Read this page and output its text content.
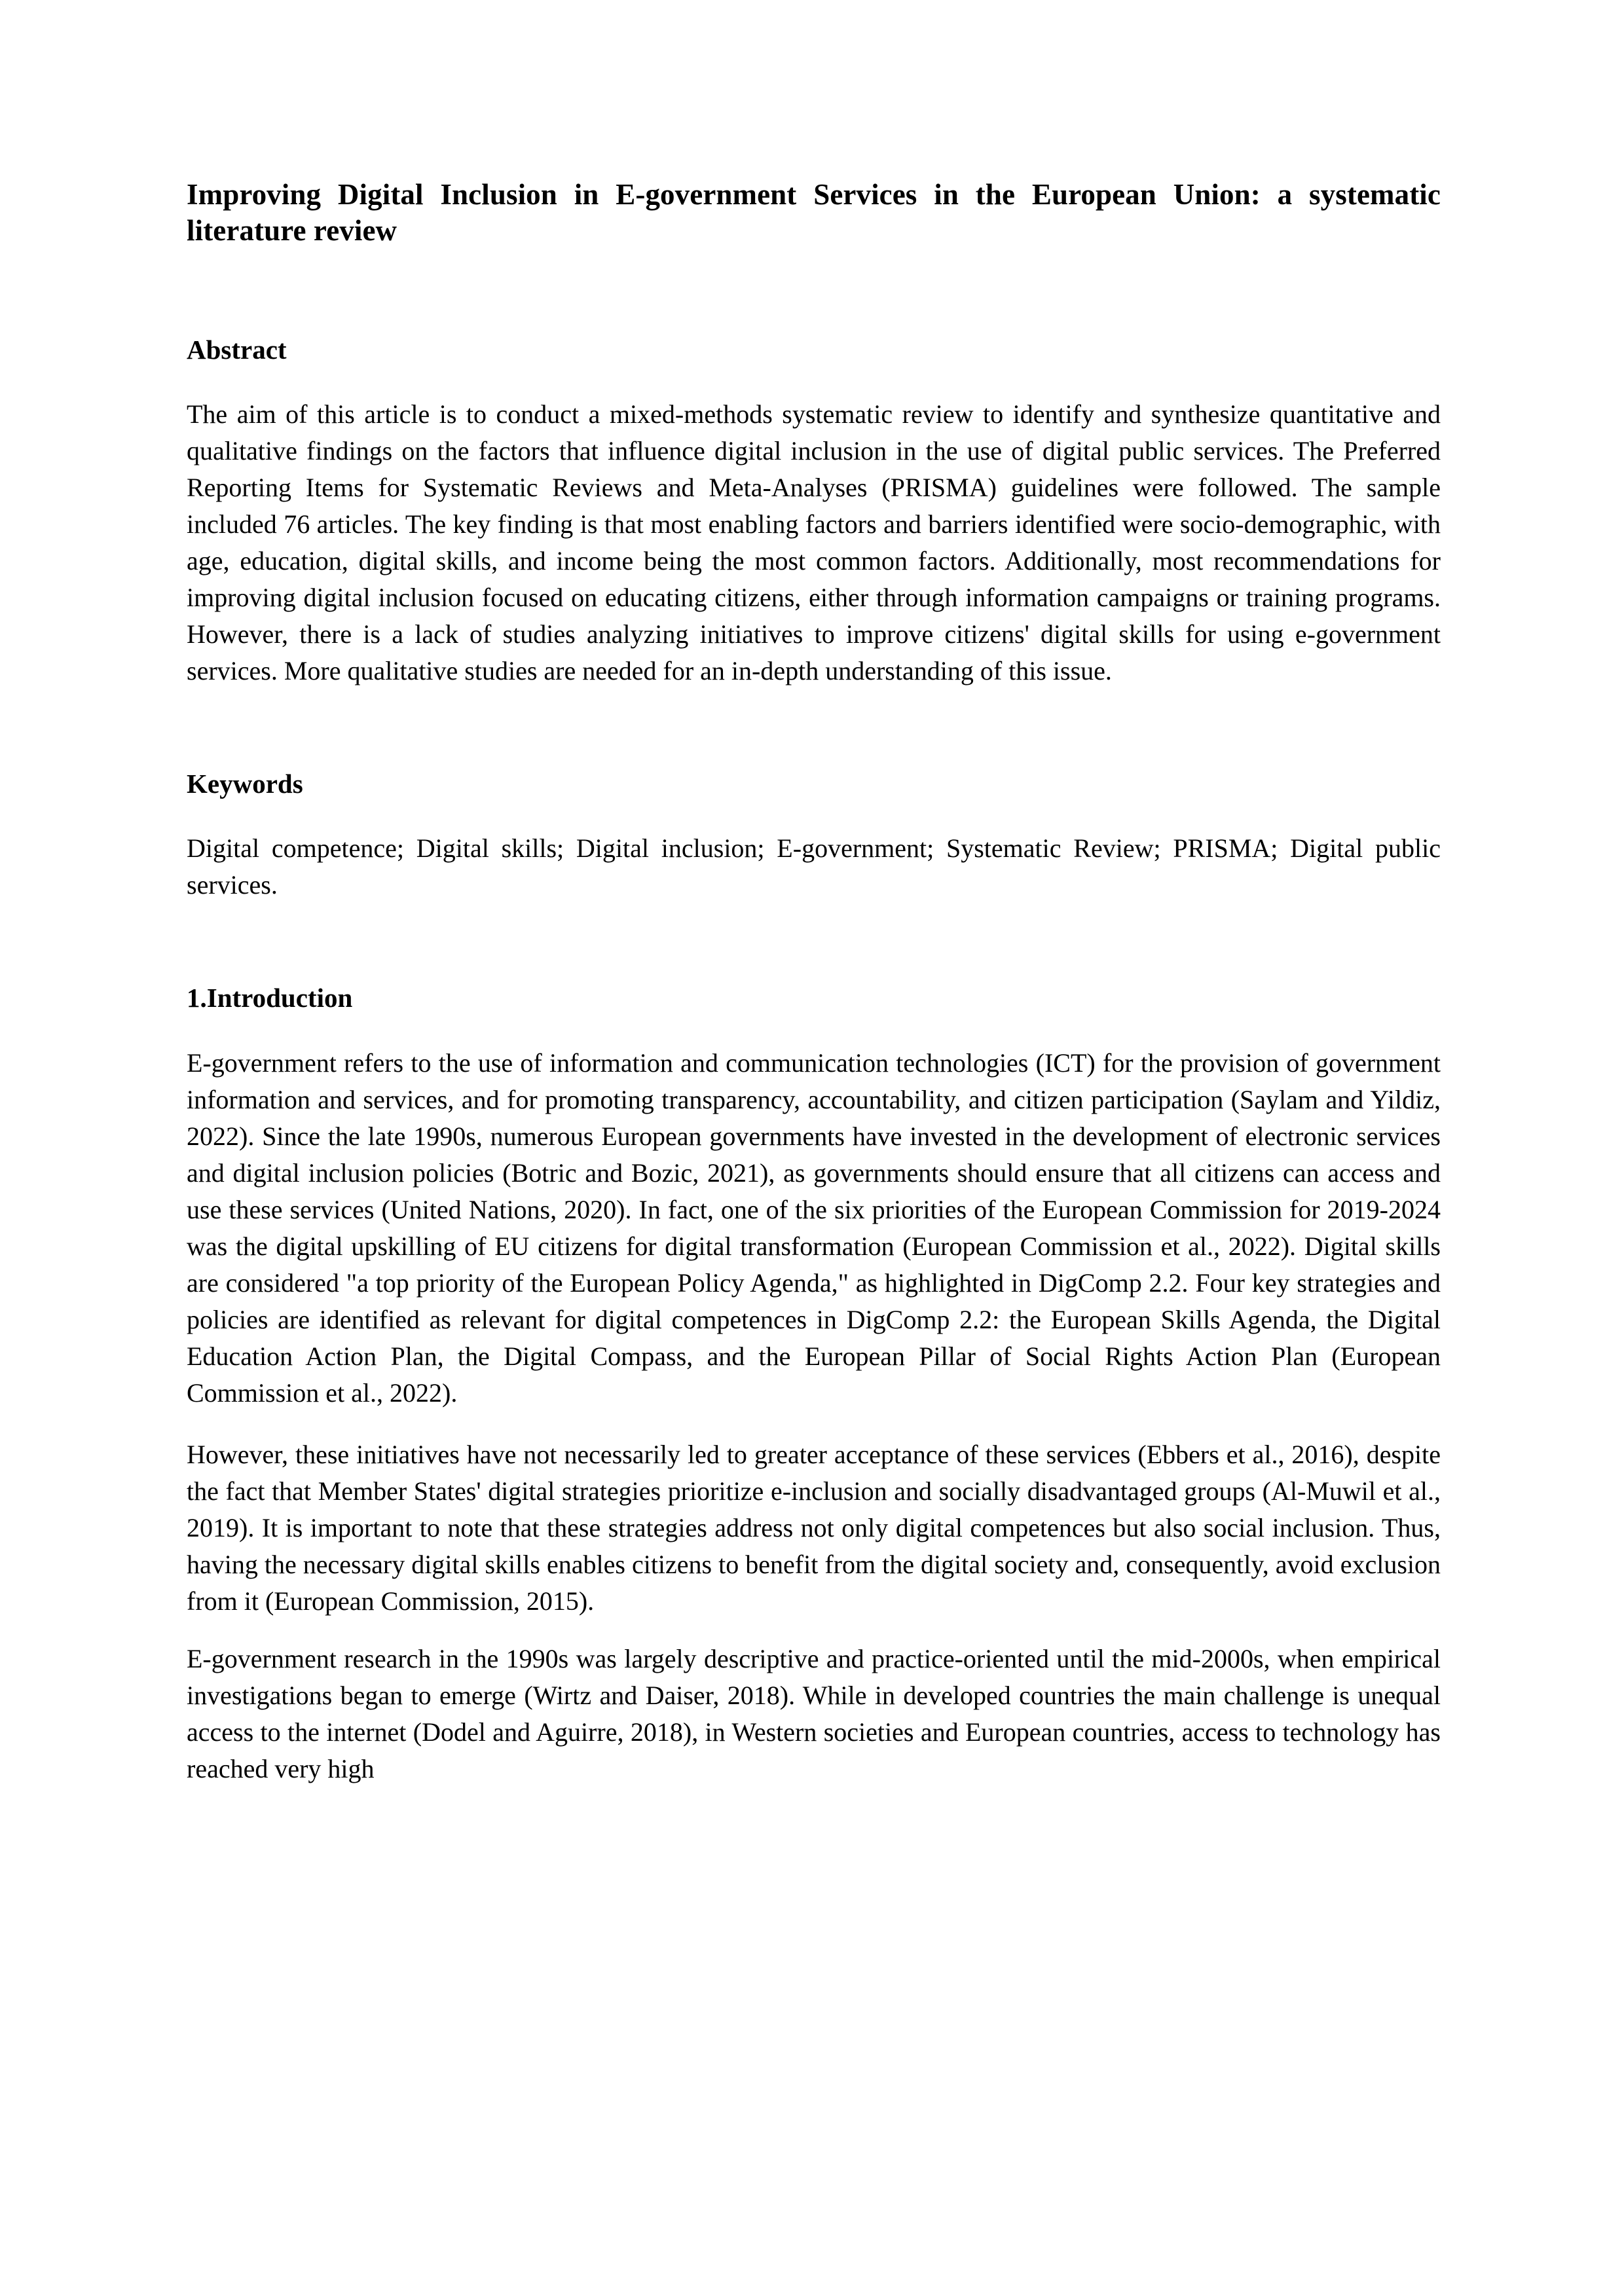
Improving Digital Inclusion in E-government Services in the European Union: a systematic literature review
Abstract

The aim of this article is to conduct a mixed-methods systematic review to identify and synthesize quantitative and qualitative findings on the factors that influence digital inclusion in the use of digital public services. The Preferred Reporting Items for Systematic Reviews and Meta-Analyses (PRISMA) guidelines were followed. The sample included 76 articles. The key finding is that most enabling factors and barriers identified were socio-demographic, with age, education, digital skills, and income being the most common factors. Additionally, most recommendations for improving digital inclusion focused on educating citizens, either through information campaigns or training programs. However, there is a lack of studies analyzing initiatives to improve citizens' digital skills for using e-government services. More qualitative studies are needed for an in-depth understanding of this issue.

Keywords

Digital competence; Digital skills; Digital inclusion; E-government; Systematic Review; PRISMA; Digital public services.

1.Introduction

E-government refers to the use of information and communication technologies (ICT) for the provision of government information and services, and for promoting transparency, accountability, and citizen participation (Saylam and Yildiz, 2022). Since the late 1990s, numerous European governments have invested in the development of electronic services and digital inclusion policies (Botric and Bozic, 2021), as governments should ensure that all citizens can access and use these services (United Nations, 2020). In fact, one of the six priorities of the European Commission for 2019-2024 was the digital upskilling of EU citizens for digital transformation (European Commission et al., 2022). Digital skills are considered "a top priority of the European Policy Agenda," as highlighted in DigComp 2.2. Four key strategies and policies are identified as relevant for digital competences in DigComp 2.2: the European Skills Agenda, the Digital Education Action Plan, the Digital Compass, and the European Pillar of Social Rights Action Plan (European Commission et al., 2022).

However, these initiatives have not necessarily led to greater acceptance of these services (Ebbers et al., 2016), despite the fact that Member States' digital strategies prioritize e-inclusion and socially disadvantaged groups (Al-Muwil et al., 2019). It is important to note that these strategies address not only digital competences but also social inclusion. Thus, having the necessary digital skills enables citizens to benefit from the digital society and, consequently, avoid exclusion from it (European Commission, 2015).

E-government research in the 1990s was largely descriptive and practice-oriented until the mid-2000s, when empirical investigations began to emerge (Wirtz and Daiser, 2018). While in developed countries the main challenge is unequal access to the internet (Dodel and Aguirre, 2018), in Western societies and European countries, access to technology has reached very high
